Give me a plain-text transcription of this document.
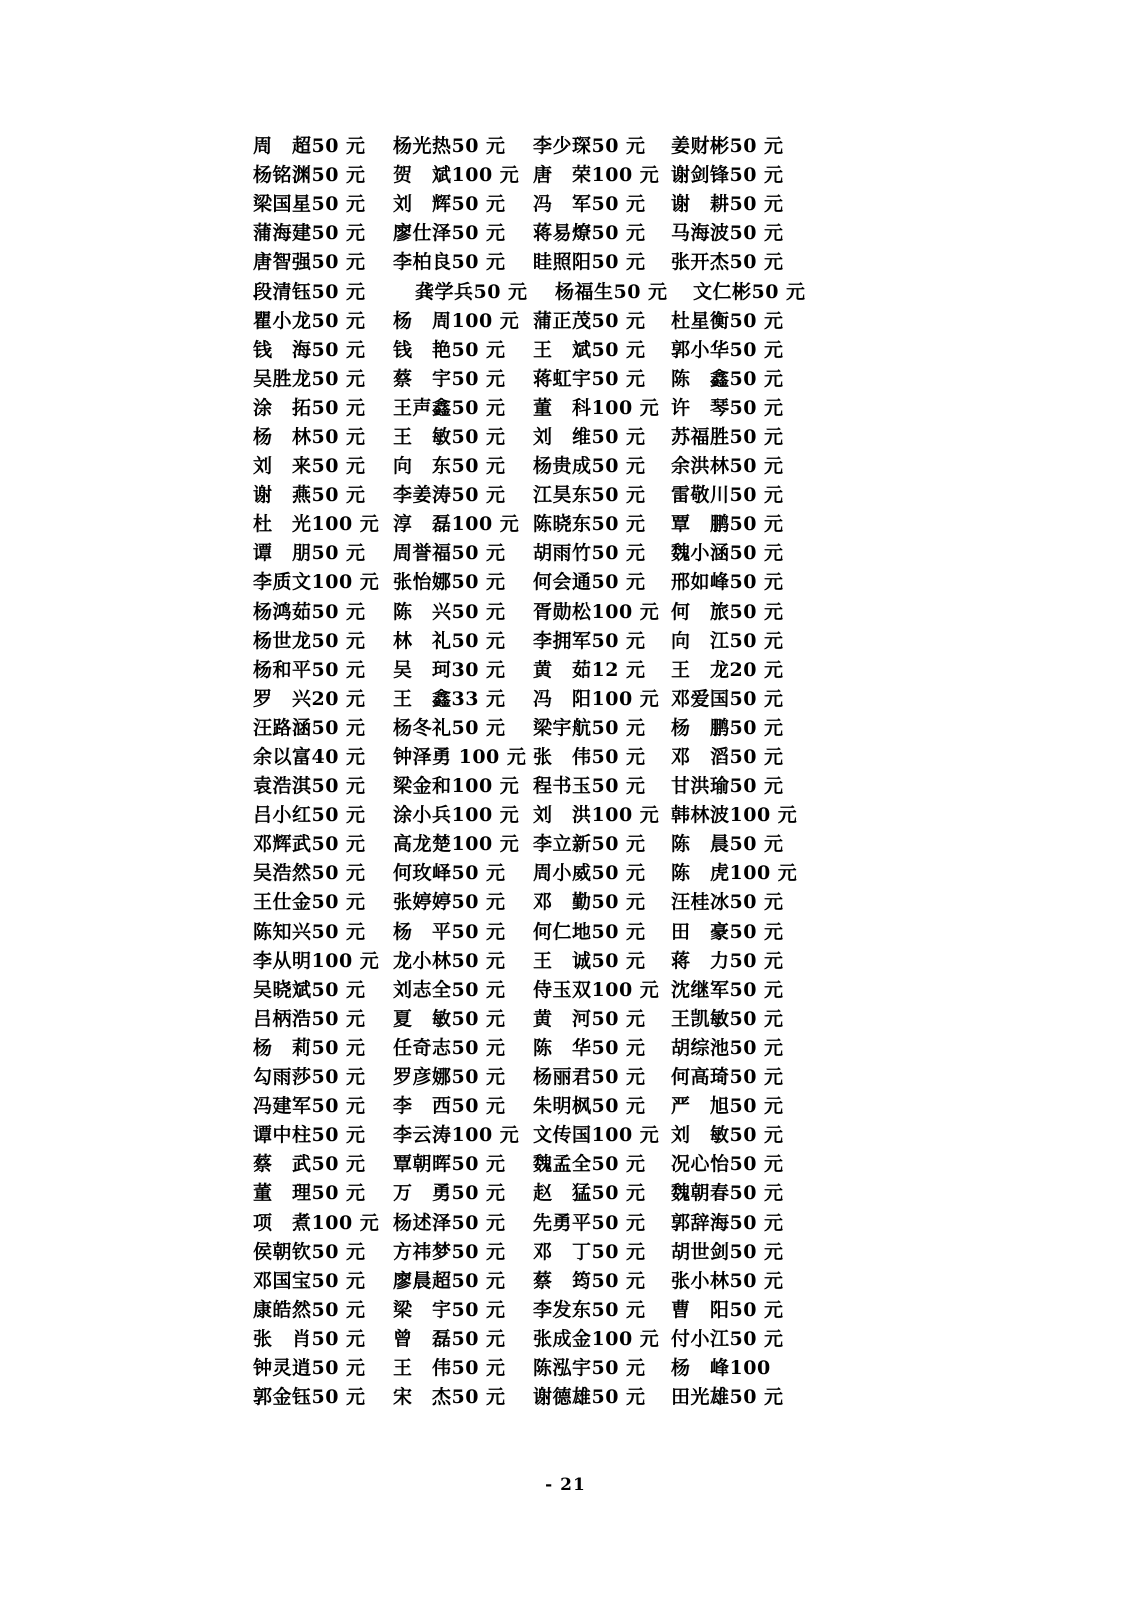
周　超50 元	杨光热50 元	李少琛50 元	姜财彬50 元
杨铭渊50 元	贺　斌100 元 唐　荣100 元 谢剑锋50 元
梁国星50 元	刘　辉50 元	冯　军50 元	谢　耕50 元
蒲海建50 元	廖仕泽50 元	蒋易燎50 元	马海波50 元
唐智强50 元	李柏良50 元	眭照阳50 元	张开杰50 元
段清钰50 元	龚学兵50 元	杨福生50 元	文仁彬50 元
瞿小龙50 元	杨　周100 元 蒲正茂50 元	杜星衡50 元
钱　海50 元	钱　艳50 元	王　斌50 元	郭小华50 元
吴胜龙50 元	蔡　宇50 元	蒋虹宇50 元	陈　鑫50 元
涂　拓50 元	王声鑫50 元	董　科100 元 许　琴50 元
杨　林50 元	王　敏50 元	刘　维50 元	苏福胜50 元
刘　来50 元	向　东50 元	杨贵成50 元	余洪林50 元
谢　燕50 元	李姜涛50 元	江昊东50 元	雷敬川50 元
杜　光100 元 淳　磊100 元 陈晓东50 元	覃　鹏50 元
谭　朋50 元	周誉福50 元	胡雨竹50 元	魏小涵50 元
李质文100 元 张怡娜50 元	何会通50 元	邢如峰50 元
杨鸿茹50 元	陈　兴50 元	胥勋松100 元 何　旅50 元
杨世龙50 元	林　礼50 元	李拥军50 元	向　江50 元
杨和平50 元	吴　珂30 元	黄　茹12 元	王　龙20 元
罗　兴20 元	王　鑫33 元	冯　阳100 元 邓爱国50 元
汪路涵50 元	杨冬礼50 元	梁宇航50 元	杨　鹏50 元
余以富40 元	钟泽勇 100 元 张　伟50 元	邓　滔50 元
袁浩淇50 元	梁金和100 元 程书玉50 元	甘洪瑜50 元
吕小红50 元	涂小兵100 元 刘　洪100 元 韩林波100 元
邓辉武50 元	高龙楚100 元 李立新50 元	陈　晨50 元
吴浩然50 元	何玫峄50 元	周小威50 元	陈　虎100 元
王仕金50 元	张婷婷50 元	邓　勤50 元	汪桂冰50 元
陈知兴50 元	杨　平50 元	何仁地50 元	田　豪50 元
李从明100 元 龙小林50 元	王　诚50 元	蒋　力50 元
吴晓斌50 元	刘志全50 元	侍玉双100 元 沈继军50 元
吕柄浩50 元	夏　敏50 元	黄　河50 元	王凯敏50 元
杨　莉50 元	任奇志50 元	陈　华50 元	胡综池50 元
勾雨莎50 元	罗彦娜50 元	杨丽君50 元	何高琦50 元
冯建军50 元	李　西50 元	朱明枫50 元	严　旭50 元
谭中柱50 元	李云涛100 元 文传国100 元 刘　敏50 元
蔡　武50 元	覃朝晖50 元	魏孟全50 元	况心怡50 元
董　理50 元	万　勇50 元	赵　猛50 元	魏朝春50 元
项　煮100 元 杨述泽50 元	先勇平50 元	郭辞海50 元
侯朝钦50 元	方祎梦50 元	邓　丁50 元	胡世剑50 元
邓国宝50 元	廖晨超50 元	蔡　筠50 元	张小林50 元
康皓然50 元	梁　宇50 元	李发东50 元	曹　阳50 元
张　肖50 元	曾　磊50 元	张成金100 元 付小江50 元
钟灵逍50 元	王　伟50 元	陈泓宇50 元	杨　峰100
郭金钰50 元	宋　杰50 元	谢德雄50 元	田光雄50 元
- 21
